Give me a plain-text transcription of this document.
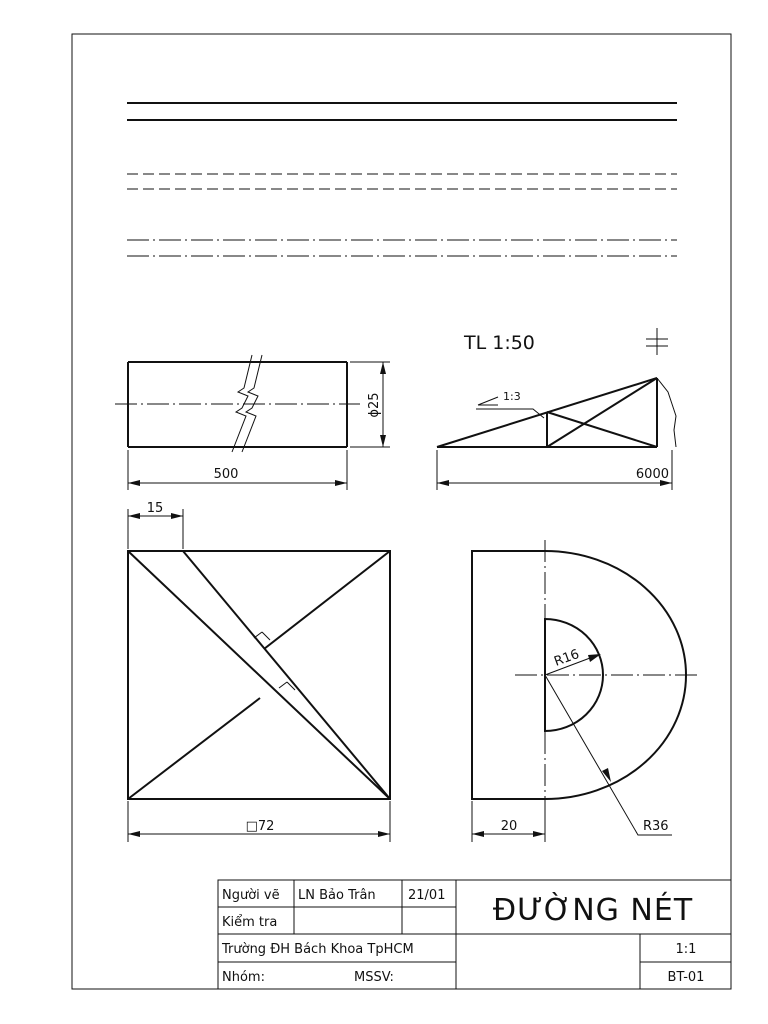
ϕ25
500
TL 1:50
1:3
6000
15
□72
R16
R36
20
Người vẽ LN Bảo Trân 21/01
Kiểm tra
Trường ĐH Bách Khoa TpHCM
Nhóm:	MSSV:
ĐƯỜNG NÉT
1:1
BT-01
